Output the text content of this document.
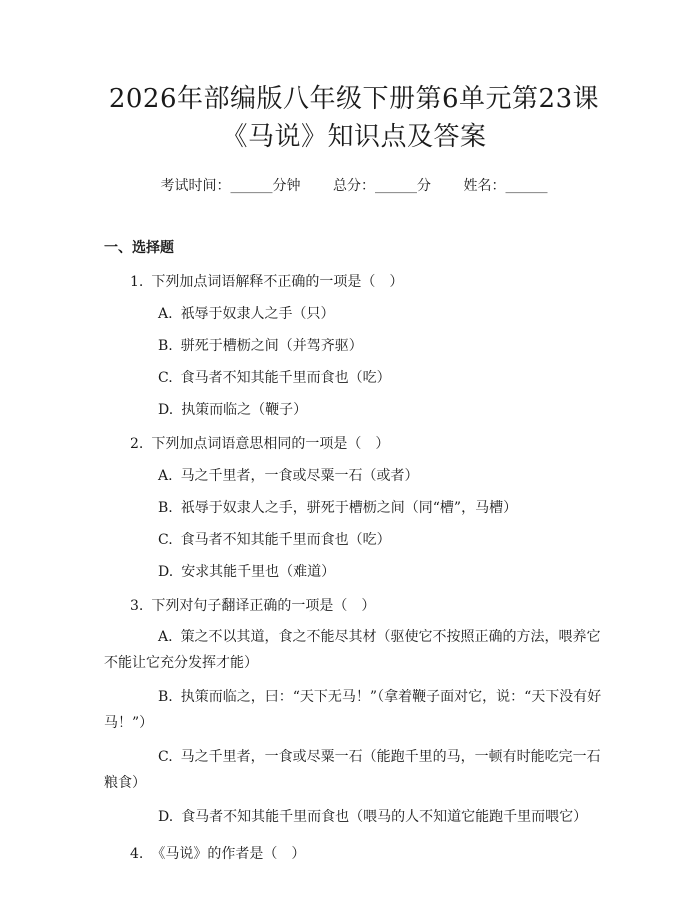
2026年部编版八年级下册第6单元第23课
《马说》知识点及答案
考试时间：______分钟 总分：______分 姓名：______
一、选择题
1. 下列加点词语解释不正确的一项是（　）
A. 祇辱于奴隶人之手（只）
B. 骈死于槽枥之间（并驾齐驱）
C. 食马者不知其能千里而食也（吃）
D. 执策而临之（鞭子）
2. 下列加点词语意思相同的一项是（　）
A. 马之千里者，一食或尽粟一石（或者）
B. 祇辱于奴隶人之手，骈死于槽枥之间（同“槽”，马槽）
C. 食马者不知其能千里而食也（吃）
D. 安求其能千里也（难道）
3. 下列对句子翻译正确的一项是（　）
A. 策之不以其道，食之不能尽其材（驱使它不按照正确的方法，喂养它不能让它充分发挥才能）
B. 执策而临之，曰：“天下无马！”（拿着鞭子面对它，说：“天下没有好马！”）
C. 马之千里者，一食或尽粟一石（能跑千里的马，一顿有时能吃完一石粮食）
D. 食马者不知其能千里而食也（喂马的人不知道它能跑千里而喂它）
4. 《马说》的作者是（　）
